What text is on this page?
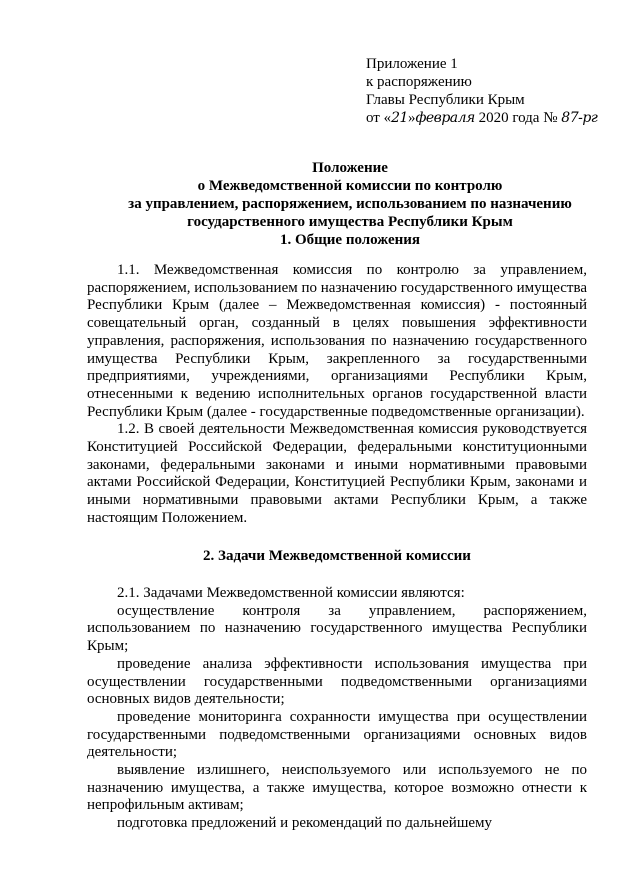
Приложение 1
к распоряжению
Главы Республики Крым
от «21»февраля 2020 года № 87-рг
Положение
о Межведомственной комиссии по контролю
за управлением, распоряжением, использованием по назначению
государственного имущества Республики Крым
1. Общие положения

1.1. Межведомственная комиссия по контролю за управлением, распоряжением, использованием по назначению государственного имущества Республики Крым (далее – Межведомственная комиссия) - постоянный совещательный орган, созданный в целях повышения эффективности управления, распоряжения, использования по назначению государственного имущества Республики Крым, закрепленного за государственными предприятиями, учреждениями, организациями Республики Крым, отнесенными к ведению исполнительных органов государственной власти Республики Крым (далее - государственные подведомственные организации).

1.2. В своей деятельности Межведомственная комиссия руководствуется Конституцией Российской Федерации, федеральными конституционными законами, федеральными законами и иными нормативными правовыми актами Российской Федерации, Конституцией Республики Крым, законами и иными нормативными правовыми актами Республики Крым, а также настоящим Положением.

2. Задачи Межведомственной комиссии

2.1. Задачами Межведомственной комиссии являются:

осуществление контроля за управлением, распоряжением, использованием по назначению государственного имущества Республики Крым;

проведение анализа эффективности использования имущества при осуществлении государственными подведомственными организациями основных видов деятельности;

проведение мониторинга сохранности имущества при осуществлении государственными подведомственными организациями основных видов деятельности;

выявление излишнего, неиспользуемого или используемого не по назначению имущества, а также имущества, которое возможно отнести к непрофильным активам;

подготовка предложений и рекомендаций по дальнейшему
